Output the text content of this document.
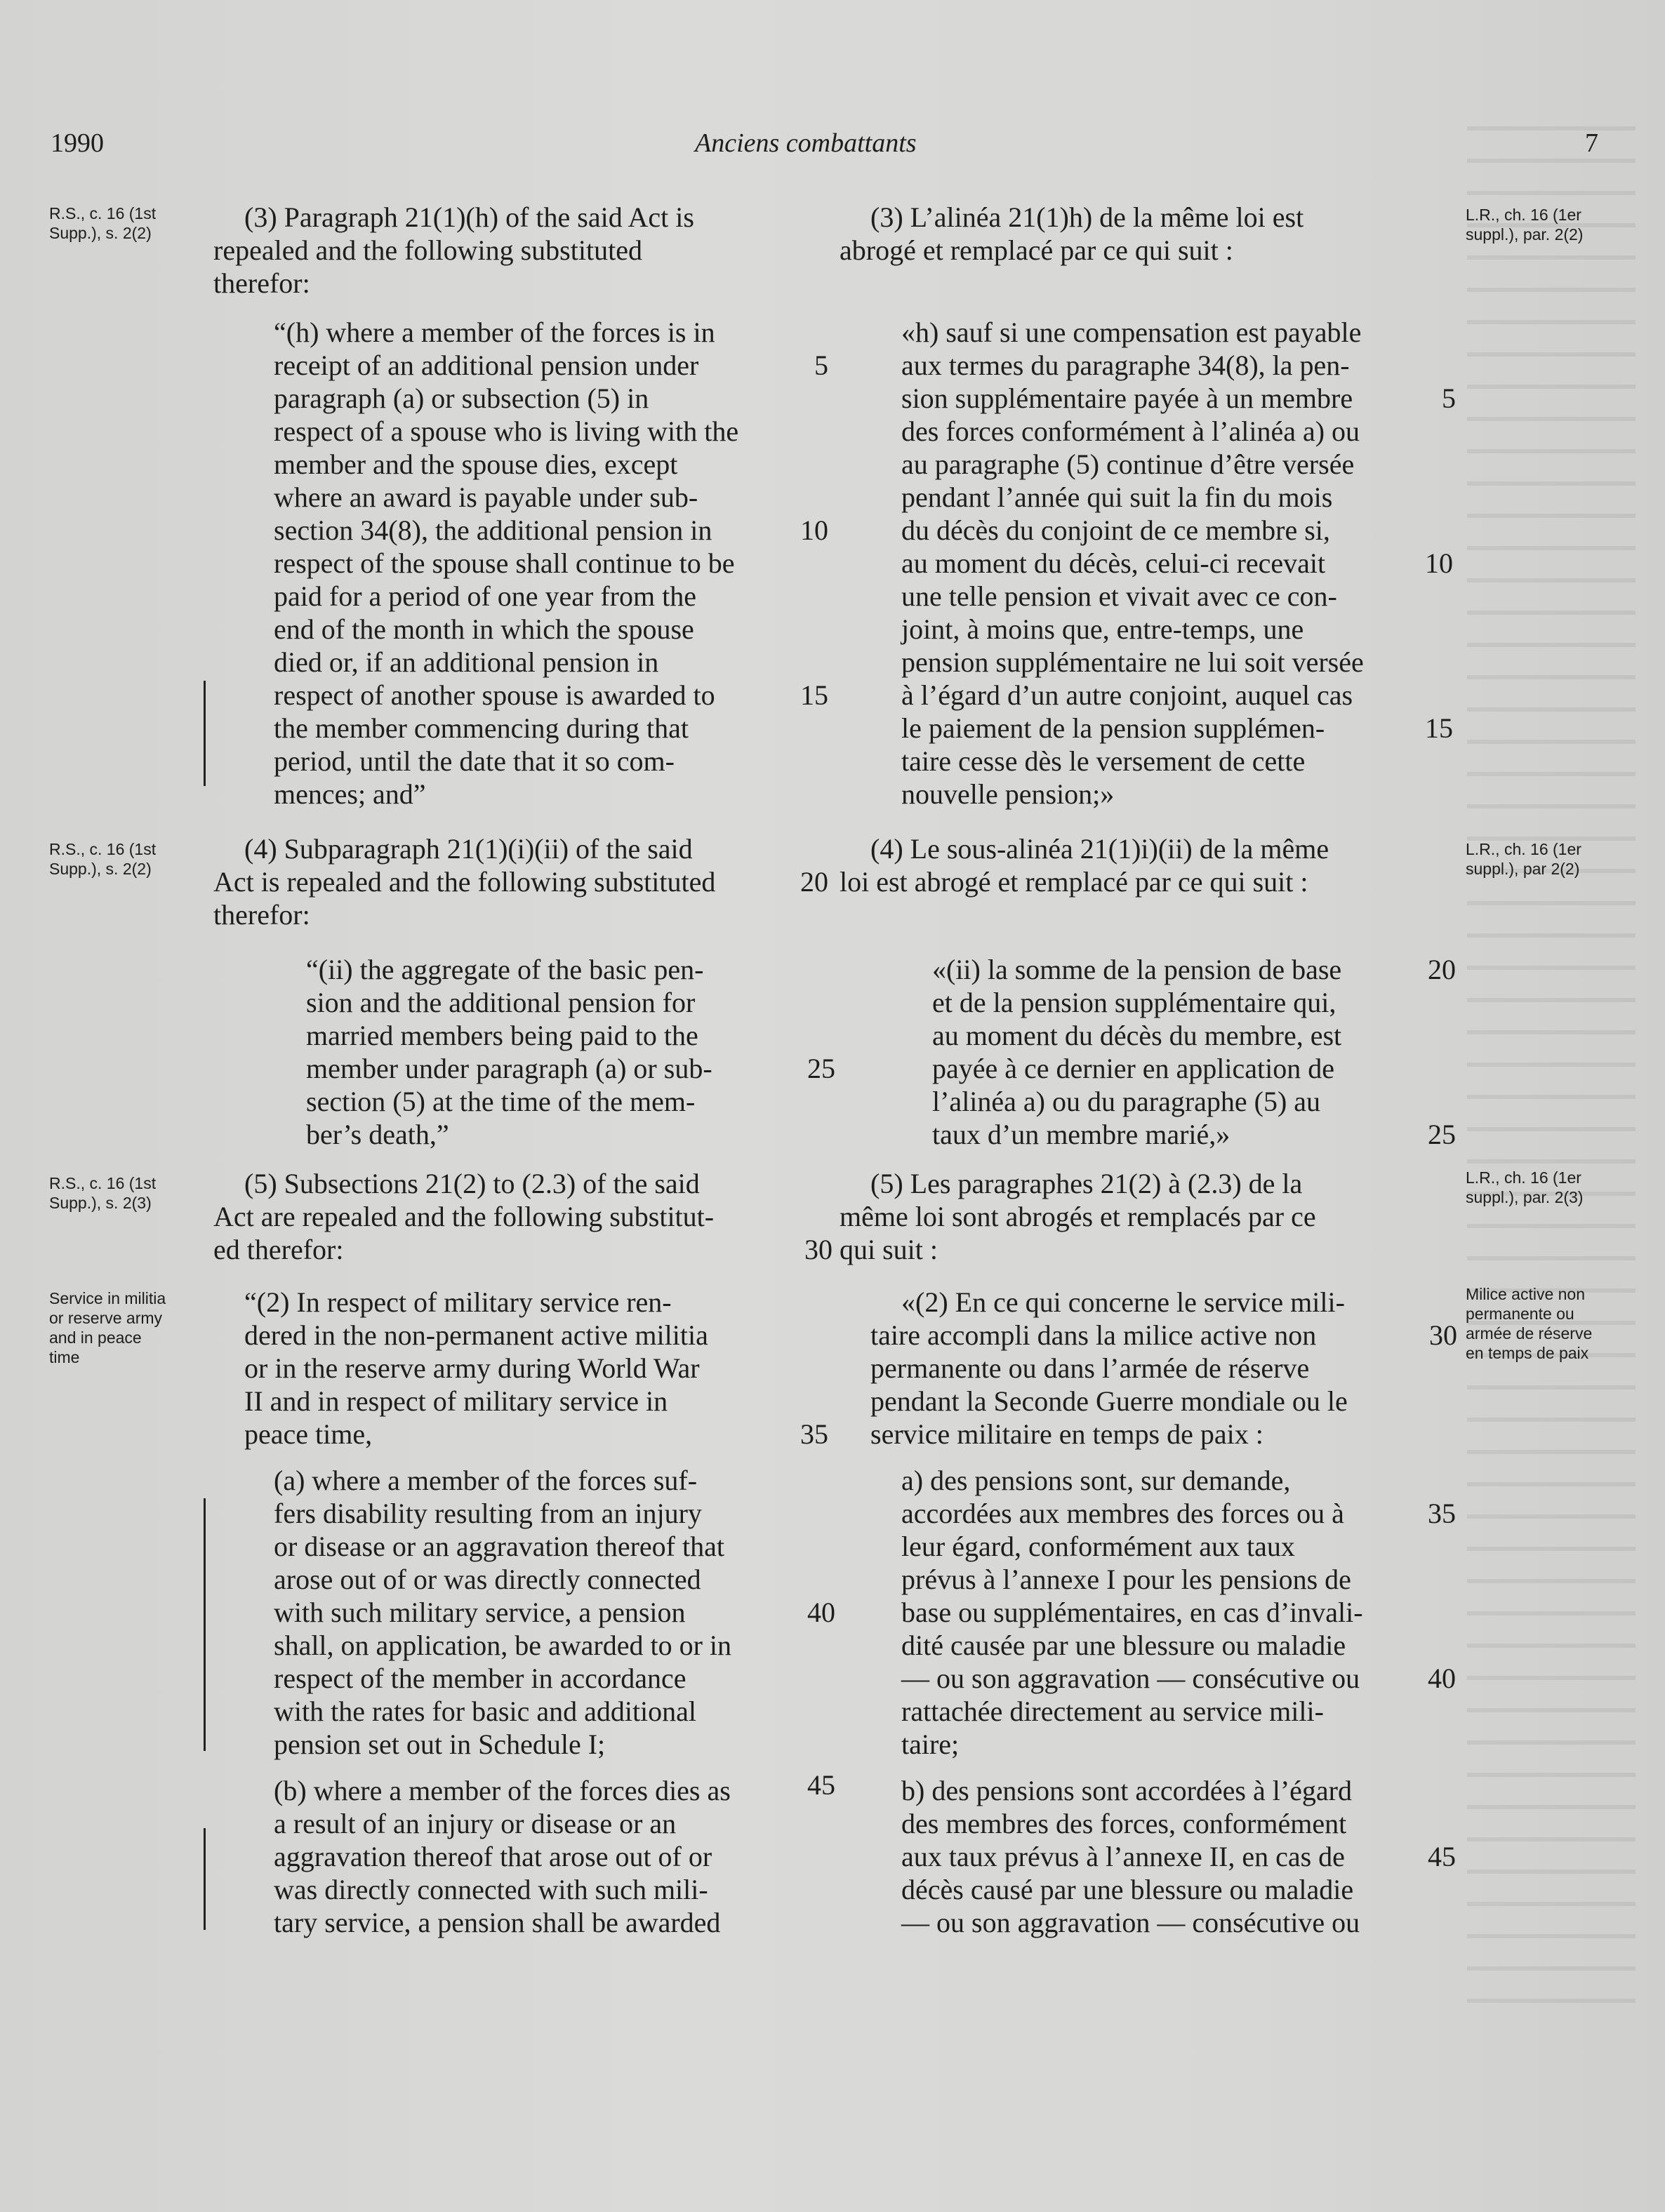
1990	Anciens combattants	7
R.S., c. 16 (1st Supp.), s. 2(2)
R.S., c. 16 (1st Supp.), s. 2(2)
R.S., c. 16 (1st Supp.), s. 2(3)
Service in militia or reserve army and in peace time
L.R., ch. 16 (1er suppl.), par. 2(2)
L.R., ch. 16 (1er suppl.), par 2(2)
L.R., ch. 16 (1er suppl.), par. 2(3)
Milice active non permanente ou armée de réserve en temps de paix
(3) Paragraph 21(1)(h) of the said Act is
repealed and the following substituted
therefor:
“(h) where a member of the forces is in
receipt of an additional pension under
paragraph (a) or subsection (5) in
respect of a spouse who is living with the
member and the spouse dies, except
where an award is payable under sub-
section 34(8), the additional pension in
respect of the spouse shall continue to be
paid for a period of one year from the
end of the month in which the spouse
died or, if an additional pension in
respect of another spouse is awarded to
the member commencing during that
period, until the date that it so com-
mences; and”
(4) Subparagraph 21(1)(i)(ii) of the said
Act is repealed and the following substituted
therefor:
“(ii) the aggregate of the basic pen-
sion and the additional pension for
married members being paid to the
member under paragraph (a) or sub-
section (5) at the time of the mem-
ber’s death,”
(5) Subsections 21(2) to (2.3) of the said
Act are repealed and the following substitut-
ed therefor:
“(2) In respect of military service ren-
dered in the non-permanent active militia
or in the reserve army during World War
II and in respect of military service in
peace time,
(a) where a member of the forces suf-
fers disability resulting from an injury
or disease or an aggravation thereof that
arose out of or was directly connected
with such military service, a pension
shall, on application, be awarded to or in
respect of the member in accordance
with the rates for basic and additional
pension set out in Schedule I;
(b) where a member of the forces dies as
a result of an injury or disease or an
aggravation thereof that arose out of or
was directly connected with such mili-
tary service, a pension shall be awarded
5
10
15
20
25
30
35
40
45
(3) L’alinéa 21(1)h) de la même loi est
abrogé et remplacé par ce qui suit :
«h) sauf si une compensation est payable
aux termes du paragraphe 34(8), la pen-
sion supplémentaire payée à un membre
des forces conformément à l’alinéa a) ou
au paragraphe (5) continue d’être versée
pendant l’année qui suit la fin du mois
du décès du conjoint de ce membre si,
au moment du décès, celui-ci recevait
une telle pension et vivait avec ce con-
joint, à moins que, entre-temps, une
pension supplémentaire ne lui soit versée
à l’égard d’un autre conjoint, auquel cas
le paiement de la pension supplémen-
taire cesse dès le versement de cette
nouvelle pension;»
(4) Le sous-alinéa 21(1)i)(ii) de la même
loi est abrogé et remplacé par ce qui suit :
«(ii) la somme de la pension de base
et de la pension supplémentaire qui,
au moment du décès du membre, est
payée à ce dernier en application de
l’alinéa a) ou du paragraphe (5) au
taux d’un membre marié,»
(5) Les paragraphes 21(2) à (2.3) de la
même loi sont abrogés et remplacés par ce
qui suit :
«(2) En ce qui concerne le service mili-
taire accompli dans la milice active non
permanente ou dans l’armée de réserve
pendant la Seconde Guerre mondiale ou le
service militaire en temps de paix :
a) des pensions sont, sur demande,
accordées aux membres des forces ou à
leur égard, conformément aux taux
prévus à l’annexe I pour les pensions de
base ou supplémentaires, en cas d’invali-
dité causée par une blessure ou maladie
— ou son aggravation — consécutive ou
rattachée directement au service mili-
taire;
b) des pensions sont accordées à l’égard
des membres des forces, conformément
aux taux prévus à l’annexe II, en cas de
décès causé par une blessure ou maladie
— ou son aggravation — consécutive ou
5
10
15
20
25
30
35
40
45
